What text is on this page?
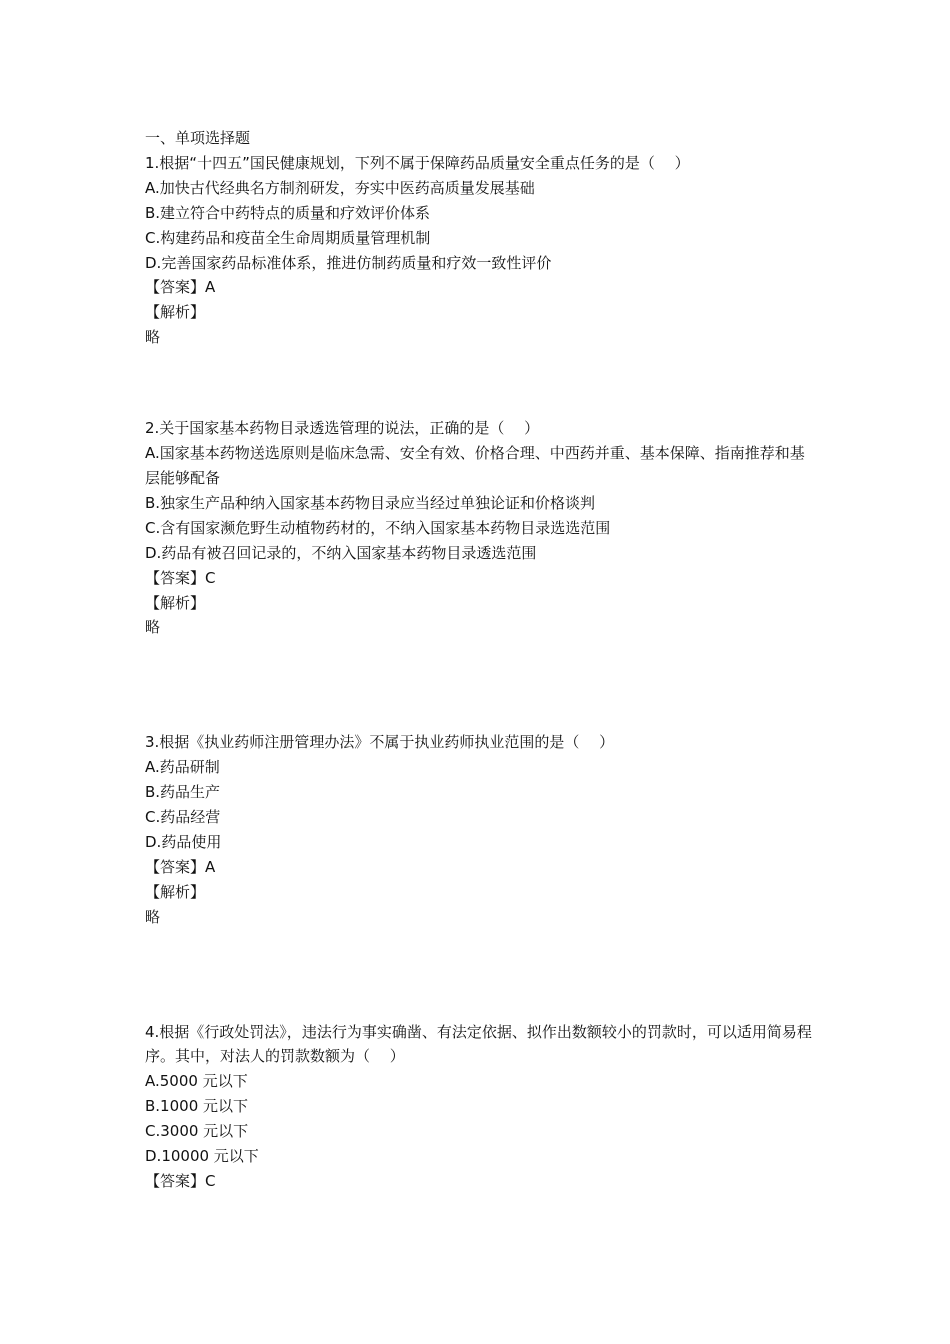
一、单项选择题
1.根据“十四五”国民健康规划，下列不属于保障药品质量安全重点任务的是（　 ）
A.加快古代经典名方制剂研发，夯实中医药高质量发展基础
B.建立符合中药特点的质量和疗效评价体系
C.构建药品和疫苗全生命周期质量管理机制
D.完善国家药品标准体系，推进仿制药质量和疗效一致性评价
【答案】A
【解析】
略
2.关于国家基本药物目录透选管理的说法，正确的是（　 ）
A.国家基本药物送选原则是临床急需、安全有效、价格合理、中西药并重、基本保障、指南推荐和基层能够配备
B.独家生产品种纳入国家基本药物目录应当经过单独论证和价格谈判
C.含有国家濒危野生动植物药材的，不纳入国家基本药物目录选选范围
D.药品有被召回记录的，不纳入国家基本药物目录透选范围
【答案】C
【解析】
略
3.根据《执业药师注册管理办法》不属于执业药师执业范围的是（　 ）
A.药品研制
B.药品生产
C.药品经营
D.药品使用
【答案】A
【解析】
略
4.根据《行政处罚法》，违法行为事实确凿、有法定依据、拟作出数额较小的罚款时，可以适用简易程序。其中，对法人的罚款数额为（　 ）
A.5000 元以下
B.1000 元以下
C.3000 元以下
D.10000 元以下
【答案】C
